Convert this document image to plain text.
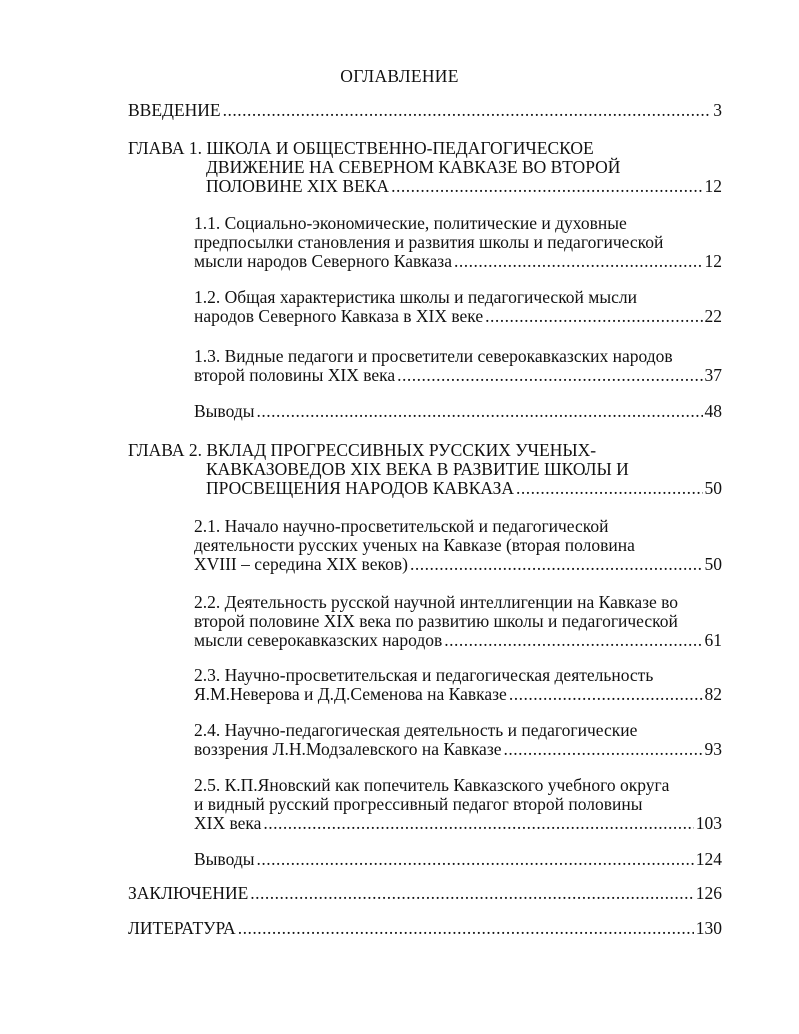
ОГЛАВЛЕНИЕ
ВВЕДЕНИЕ .....	3
ГЛАВА 1. ШКОЛА И ОБЩЕСТВЕННО-ПЕДАГОГИЧЕСКОЕ
ДВИЖЕНИЕ НА СЕВЕРНОМ КАВКАЗЕ ВО ВТОРОЙ
ПОЛОВИНЕ XIX ВЕКА .....	12
1.1. Социально-экономические, политические и духовные
предпосылки становления и развития школы и педагогической
мысли народов Северного Кавказа .....	12
1.2. Общая характеристика школы и педагогической мысли
народов Северного Кавказа в XIX веке .....	22
1.3. Видные педагоги и просветители северокавказских народов
второй половины XIX века .....	37
Выводы .....	48
ГЛАВА 2. ВКЛАД ПРОГРЕССИВНЫХ РУССКИХ УЧЕНЫХ-
КАВКАЗОВЕДОВ XIX ВЕКА В РАЗВИТИЕ ШКОЛЫ И
ПРОСВЕЩЕНИЯ НАРОДОВ КАВКАЗА .....	50
2.1. Начало научно-просветительской и педагогической
деятельности русских ученых на Кавказе (вторая половина
XVIII – середина XIX веков) .....	50
2.2. Деятельность русской научной интеллигенции на Кавказе во
второй половине XIX века по развитию школы и педагогической
мысли северокавказских народов .....	61
2.3. Научно-просветительская и педагогическая деятельность
Я.М.Неверова и Д.Д.Семенова на Кавказе .....	82
2.4. Научно-педагогическая деятельность и педагогические
воззрения Л.Н.Модзалевского на Кавказе .....	93
2.5. К.П.Яновский как попечитель Кавказского учебного округа
и видный русский прогрессивный педагог второй половины
XIX века .....	103
Выводы .....	124
ЗАКЛЮЧЕНИЕ .....	126
ЛИТЕРАТУРА .....	130
